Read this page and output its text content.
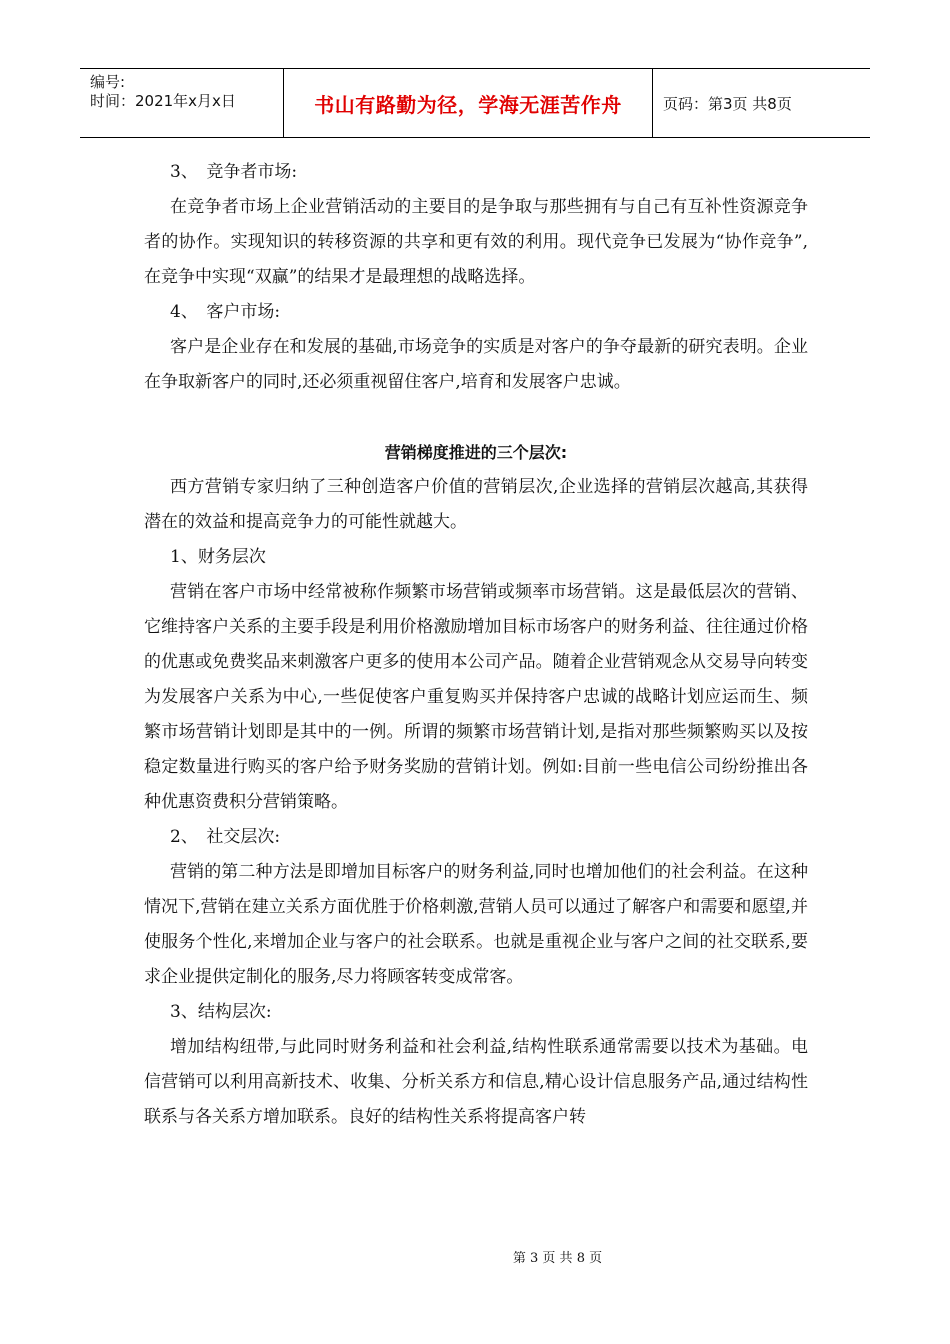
编号:
时间：2021年x月x日	书山有路勤为径，学海无涯苦作舟	页码：第3页 共8页

3、　竞争者市场:

在竞争者市场上企业营销活动的主要目的是争取与那些拥有与自己有互补性资源竞争者的协作。实现知识的转移资源的共享和更有效的利用。现代竞争已发展为“协作竞争”,在竞争中实现“双赢”的结果才是最理想的战略选择。

4、　客户市场:

客户是企业存在和发展的基础,市场竞争的实质是对客户的争夺最新的研究表明。企业在争取新客户的同时,还必须重视留住客户,培育和发展客户忠诚。

营销梯度推进的三个层次:

西方营销专家归纳了三种创造客户价值的营销层次,企业选择的营销层次越高,其获得潜在的效益和提高竞争力的可能性就越大。

1、财务层次

营销在客户市场中经常被称作频繁市场营销或频率市场营销。这是最低层次的营销、它维持客户关系的主要手段是利用价格激励增加目标市场客户的财务利益、往往通过价格的优惠或免费奖品来刺激客户更多的使用本公司产品。随着企业营销观念从交易导向转变为发展客户关系为中心,一些促使客户重复购买并保持客户忠诚的战略计划应运而生、频繁市场营销计划即是其中的一例。所谓的频繁市场营销计划,是指对那些频繁购买以及按稳定数量进行购买的客户给予财务奖励的营销计划。例如:目前一些电信公司纷纷推出各种优惠资费积分营销策略。

2、　社交层次:

营销的第二种方法是即增加目标客户的财务利益,同时也增加他们的社会利益。在这种情况下,营销在建立关系方面优胜于价格刺激,营销人员可以通过了解客户和需要和愿望,并使服务个性化,来增加企业与客户的社会联系。也就是重视企业与客户之间的社交联系,要求企业提供定制化的服务,尽力将顾客转变成常客。

3、结构层次:

增加结构纽带,与此同时财务利益和社会利益,结构性联系通常需要以技术为基础。电信营销可以利用高新技术、收集、分析关系方和信息,精心设计信息服务产品,通过结构性联系与各关系方增加联系。良好的结构性关系将提高客户转

第 3 页 共 8 页
